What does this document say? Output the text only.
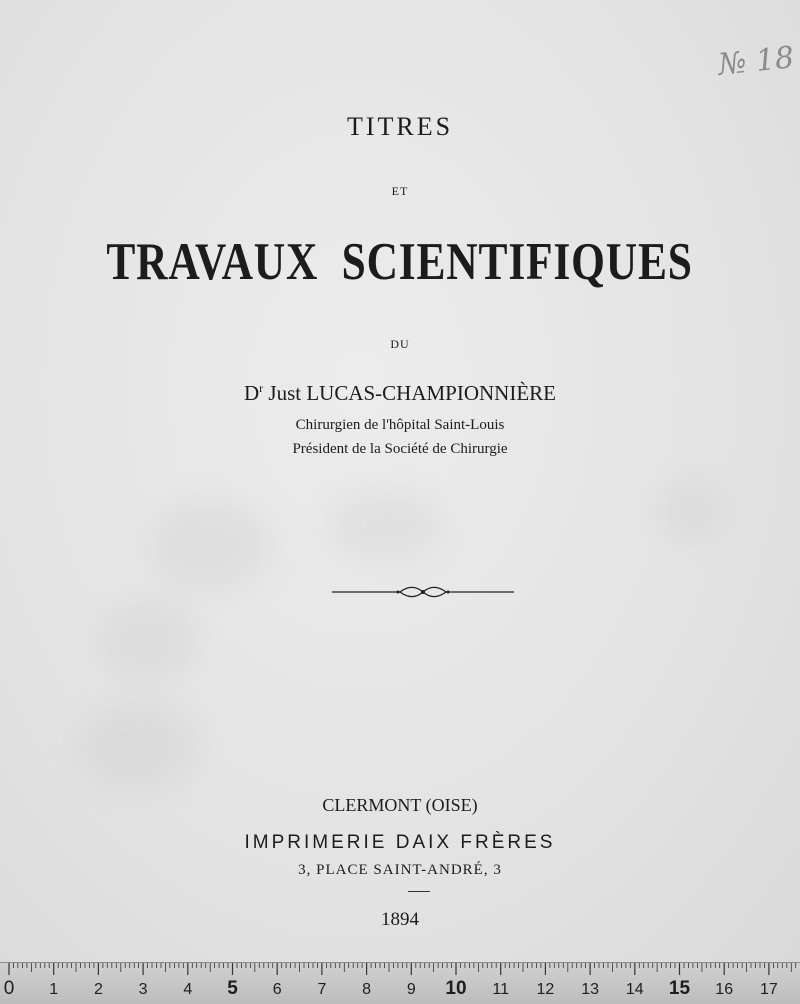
№ 18
TITRES
ET
TRAVAUX SCIENTIFIQUES
DU
$D^r$ Just LUCAS-CHAMPIONNIÈRE
Chirurgien de l'hôpital Saint-Louis
Président de la Société de Chirurgie
CLERMONT (OISE)
IMPRIMERIE DAIX FRÈRES
3, PLACE SAINT-ANDRÉ, 3
1894
0 1 2 3 4 5 6 7 8 9 10 11 12 13 14 15 16 17
